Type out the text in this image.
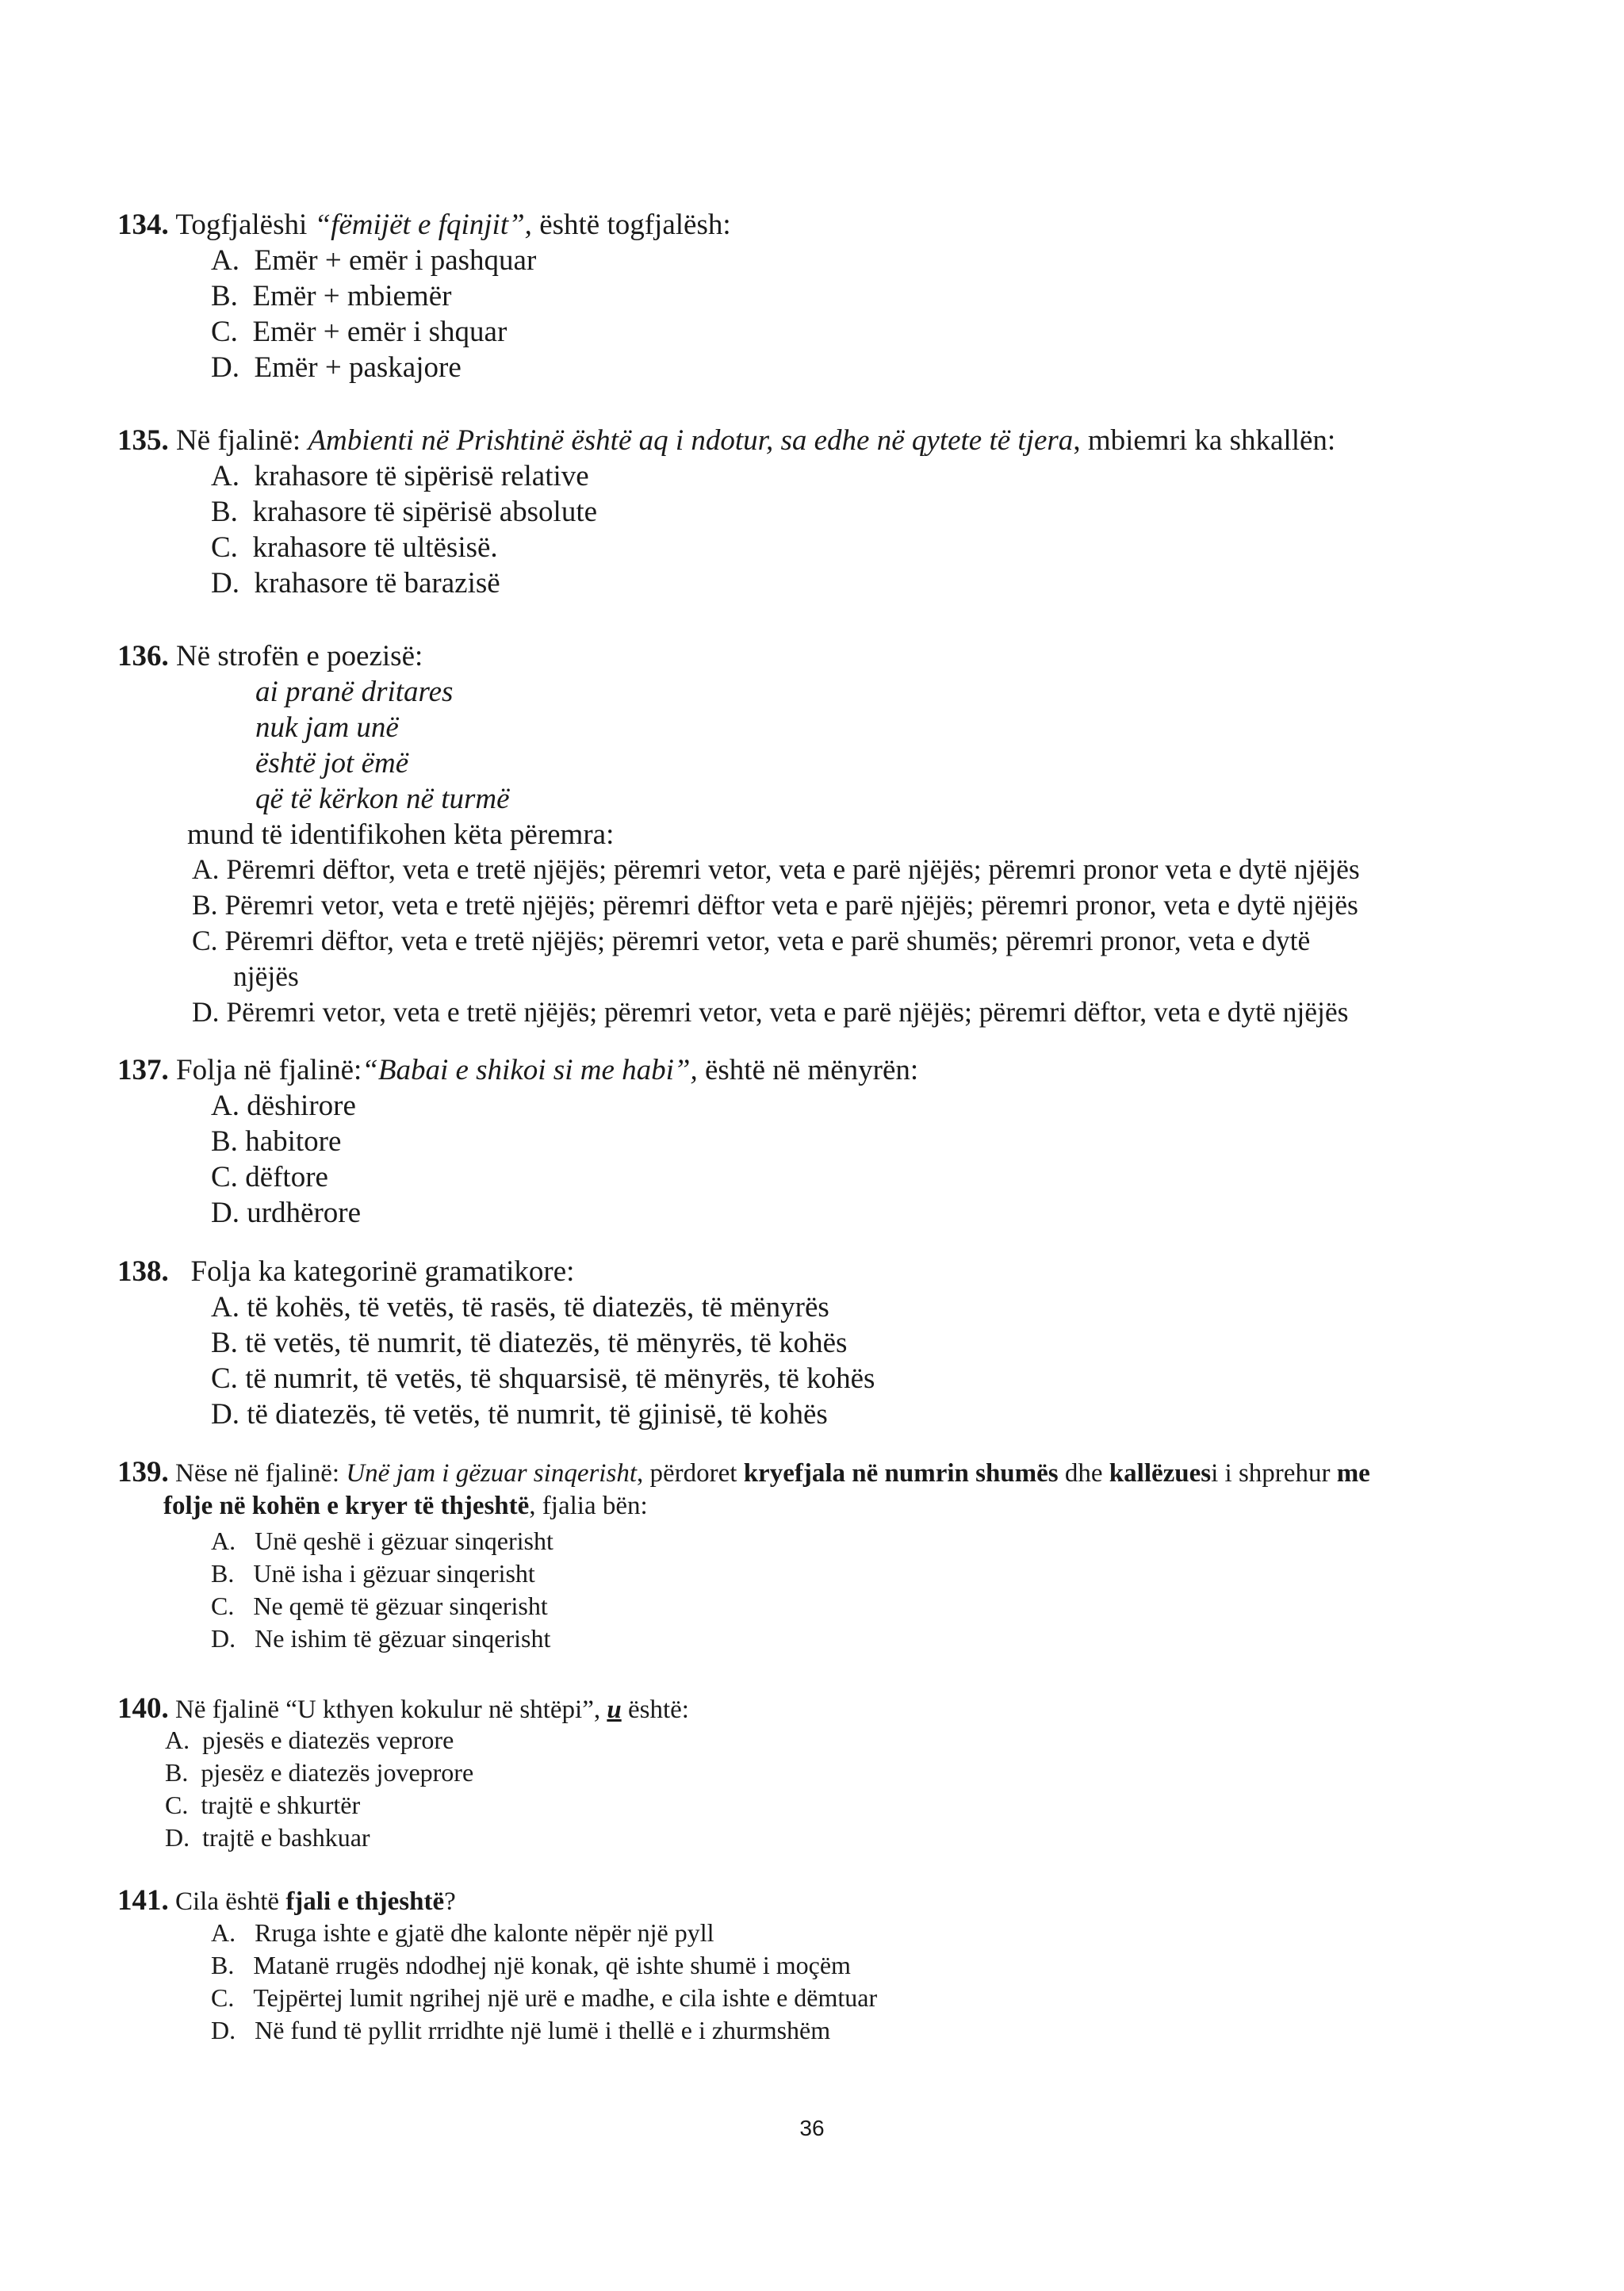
134. Togfjalëshi “fëmijët e fqinjit”, është togfjalësh:
A. Emër + emër i pashquar
B. Emër + mbiemër
C. Emër + emër i shquar
D. Emër + paskajore
135. Në fjalinë: Ambienti në Prishtinë është aq i ndotur, sa edhe në qytete të tjera, mbiemri ka shkallën:
A. krahasore të sipërisë relative
B. krahasore të sipërisë absolute
C. krahasore të ultësisë.
D. krahasore të barazisë
136. Në strofën e poezisë:
ai pranë dritares
nuk jam unë
është jot ëmë
që të kërkon në turmë
mund të identifikohen këta përemra:
A. Përemri dëftor, veta e tretë njëjës; përemri vetor, veta e parë njëjës; përemri pronor veta e dytë njëjës
B. Përemri vetor, veta e tretë njëjës; përemri dëftor veta e parë njëjës; përemri pronor, veta e dytë njëjës
C. Përemri dëftor, veta e tretë njëjës; përemri vetor, veta e parë shumës; përemri pronor, veta e dytë
njëjës
D. Përemri vetor, veta e tretë njëjës; përemri vetor, veta e parë njëjës; përemri dëftor, veta e dytë njëjës
137. Folja në fjalinë:“Babai e shikoi si me habi”, është në mënyrën:
A. dëshirore
B. habitore
C. dëftore
D. urdhërore
138. Folja ka kategorinë gramatikore:
A. të kohës, të vetës, të rasës, të diatezës, të mënyrës
B. të vetës, të numrit, të diatezës, të mënyrës, të kohës
C. të numrit, të vetës, të shquarsisë, të mënyrës, të kohës
D. të diatezës, të vetës, të numrit, të gjinisë, të kohës
139. Nëse në fjalinë: Unë jam i gëzuar sinqerisht, përdoret kryefjala në numrin shumës dhe kallëzuesi i shprehur me
folje në kohën e kryer të thjeshtë, fjalia bën:
A. Unë qeshë i gëzuar sinqerisht
B. Unë isha i gëzuar sinqerisht
C. Ne qemë të gëzuar sinqerisht
D. Ne ishim të gëzuar sinqerisht
140. Në fjalinë “U kthyen kokulur në shtëpi”, u është:
A. pjesës e diatezës veprore
B. pjesëz e diatezës joveprore
C. trajtë e shkurtër
D. trajtë e bashkuar
141. Cila është fjali e thjeshtë?
A. Rruga ishte e gjatë dhe kalonte nëpër një pyll
B. Matanë rrugës ndodhej një konak, që ishte shumë i moçëm
C. Tejpërtej lumit ngrihej një urë e madhe, e cila ishte e dëmtuar
D. Në fund të pyllit rrridhte një lumë i thellë e i zhurmshëm
36
